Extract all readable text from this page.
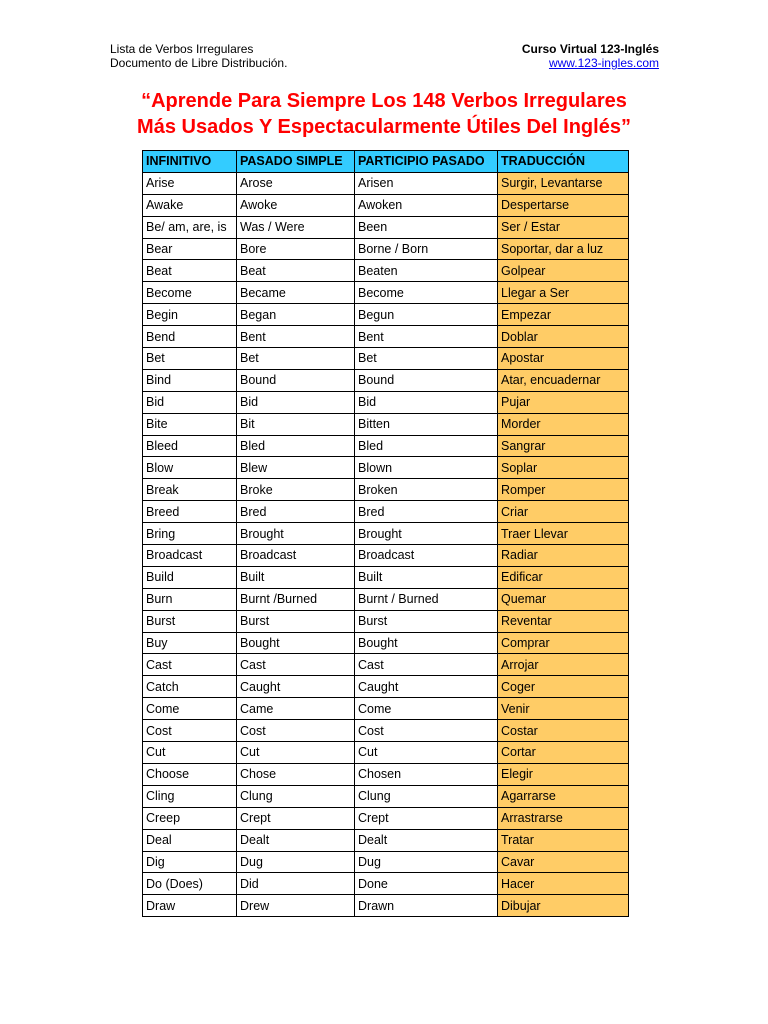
Lista de Verbos Irregulares
Documento de Libre Distribución.
Curso Virtual 123-Inglés
www.123-ingles.com
“Aprende Para Siempre Los 148 Verbos Irregulares
Más Usados Y Espectacularmente Útiles Del Inglés”
INFINITIVO	PASADO SIMPLE	PARTICIPIO PASADO	TRADUCCIÓN
Arise	Arose	Arisen	Surgir, Levantarse
Awake	Awoke	Awoken	Despertarse
Be/ am, are, is	Was / Were	Been	Ser / Estar
Bear	Bore	Borne / Born	Soportar, dar a luz
Beat	Beat	Beaten	Golpear
Become	Became	Become	Llegar a Ser
Begin	Began	Begun	Empezar
Bend	Bent	Bent	Doblar
Bet	Bet	Bet	Apostar
Bind	Bound	Bound	Atar, encuadernar
Bid	Bid	Bid	Pujar
Bite	Bit	Bitten	Morder
Bleed	Bled	Bled	Sangrar
Blow	Blew	Blown	Soplar
Break	Broke	Broken	Romper
Breed	Bred	Bred	Criar
Bring	Brought	Brought	Traer Llevar
Broadcast	Broadcast	Broadcast	Radiar
Build	Built	Built	Edificar
Burn	Burnt /Burned	Burnt / Burned	Quemar
Burst	Burst	Burst	Reventar
Buy	Bought	Bought	Comprar
Cast	Cast	Cast	Arrojar
Catch	Caught	Caught	Coger
Come	Came	Come	Venir
Cost	Cost	Cost	Costar
Cut	Cut	Cut	Cortar
Choose	Chose	Chosen	Elegir
Cling	Clung	Clung	Agarrarse
Creep	Crept	Crept	Arrastrarse
Deal	Dealt	Dealt	Tratar
Dig	Dug	Dug	Cavar
Do (Does)	Did	Done	Hacer
Draw	Drew	Drawn	Dibujar
